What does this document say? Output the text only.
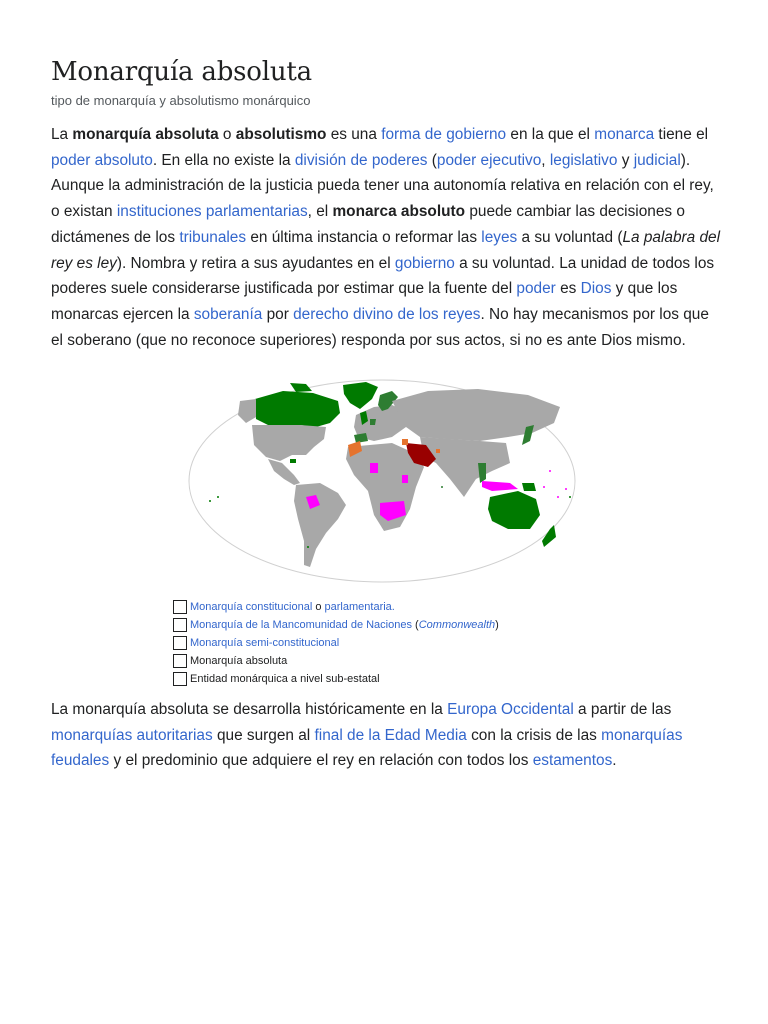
Monarquía absoluta
tipo de monarquía y absolutismo monárquico

La monarquía absoluta o absolutismo es una forma de gobierno en la que el monarca tiene el poder absoluto. En ella no existe la división de poderes (poder ejecutivo, legislativo y judicial). Aunque la administración de la justicia pueda tener una autonomía relativa en relación con el rey, o existan instituciones parlamentarias, el monarca absoluto puede cambiar las decisiones o dictámenes de los tribunales en última instancia o reformar las leyes a su voluntad (La palabra del rey es ley). Nombra y retira a sus ayudantes en el gobierno a su voluntad. La unidad de todos los poderes suele considerarse justificada por estimar que la fuente del poder es Dios y que los monarcas ejercen la soberanía por derecho divino de los reyes. No hay mecanismos por los que el soberano (que no reconoce superiores) responda por sus actos, si no es ante Dios mismo.

La monarquía absoluta se desarrolla históricamente en la Europa Occidental a partir de las monarquías autoritarias que surgen al final de la Edad Media con la crisis de las monarquías feudales y el predominio que adquiere el rey en relación con todos los estamentos.

Monarquía constitucional o parlamentaria .
Monarquía de la Mancomunidad de Naciones ( Commonwealth )
Monarquía semi-constitucional
Monarquía absoluta
Entidad monárquica a nivel sub-estatal
